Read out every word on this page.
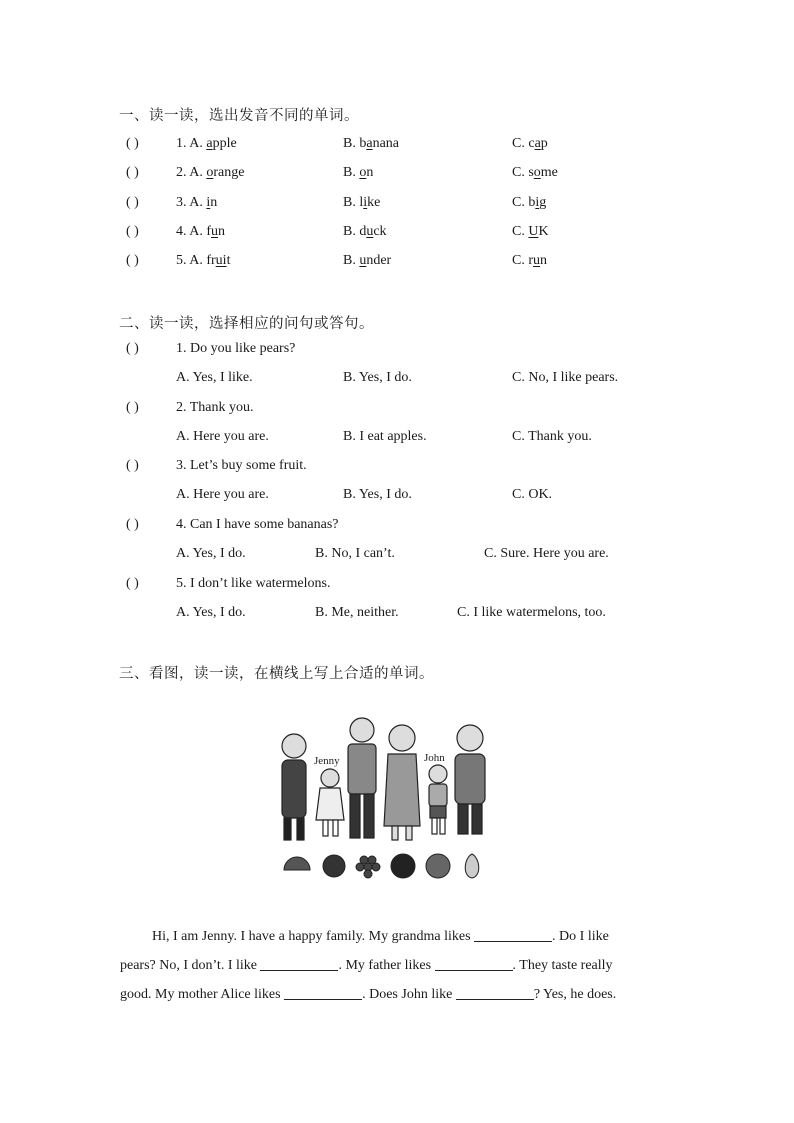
一、读一读，选出发音不同的单词。
( )	1. A. apple	B. banana	C. cap
( )	2. A. orange	B. on	C. some
( )	3. A. in	B. like	C. big
( )	4. A. fun	B. duck	C. UK
( )	5. A. fruit	B. under	C. run
二、读一读，选择相应的问句或答句。
( )	1. Do you like pears?
A. Yes, I like.	B. Yes, I do.	C. No, I like pears.
( )	2. Thank you.
A. Here you are.	B. I eat apples.	C. Thank you.
( )	3. Let’s buy some fruit.
A. Here you are.	B. Yes, I do.	C. OK.
( )	4. Can I have some bananas?
A. Yes, I do.	B. No, I can’t.	C. Sure. Here you are.
( )	5. I don’t like watermelons.
A. Yes, I do.	B. Me, neither.	C. I like watermelons, too.
三、看图，读一读，在横线上写上合适的单词。
Jenny	John
Hi, I am Jenny. I have a happy family. My grandma likes	. Do I like
pears? No, I don’t. I like	. My father likes	. They taste really
good. My mother Alice likes	. Does John like	? Yes, he does.
